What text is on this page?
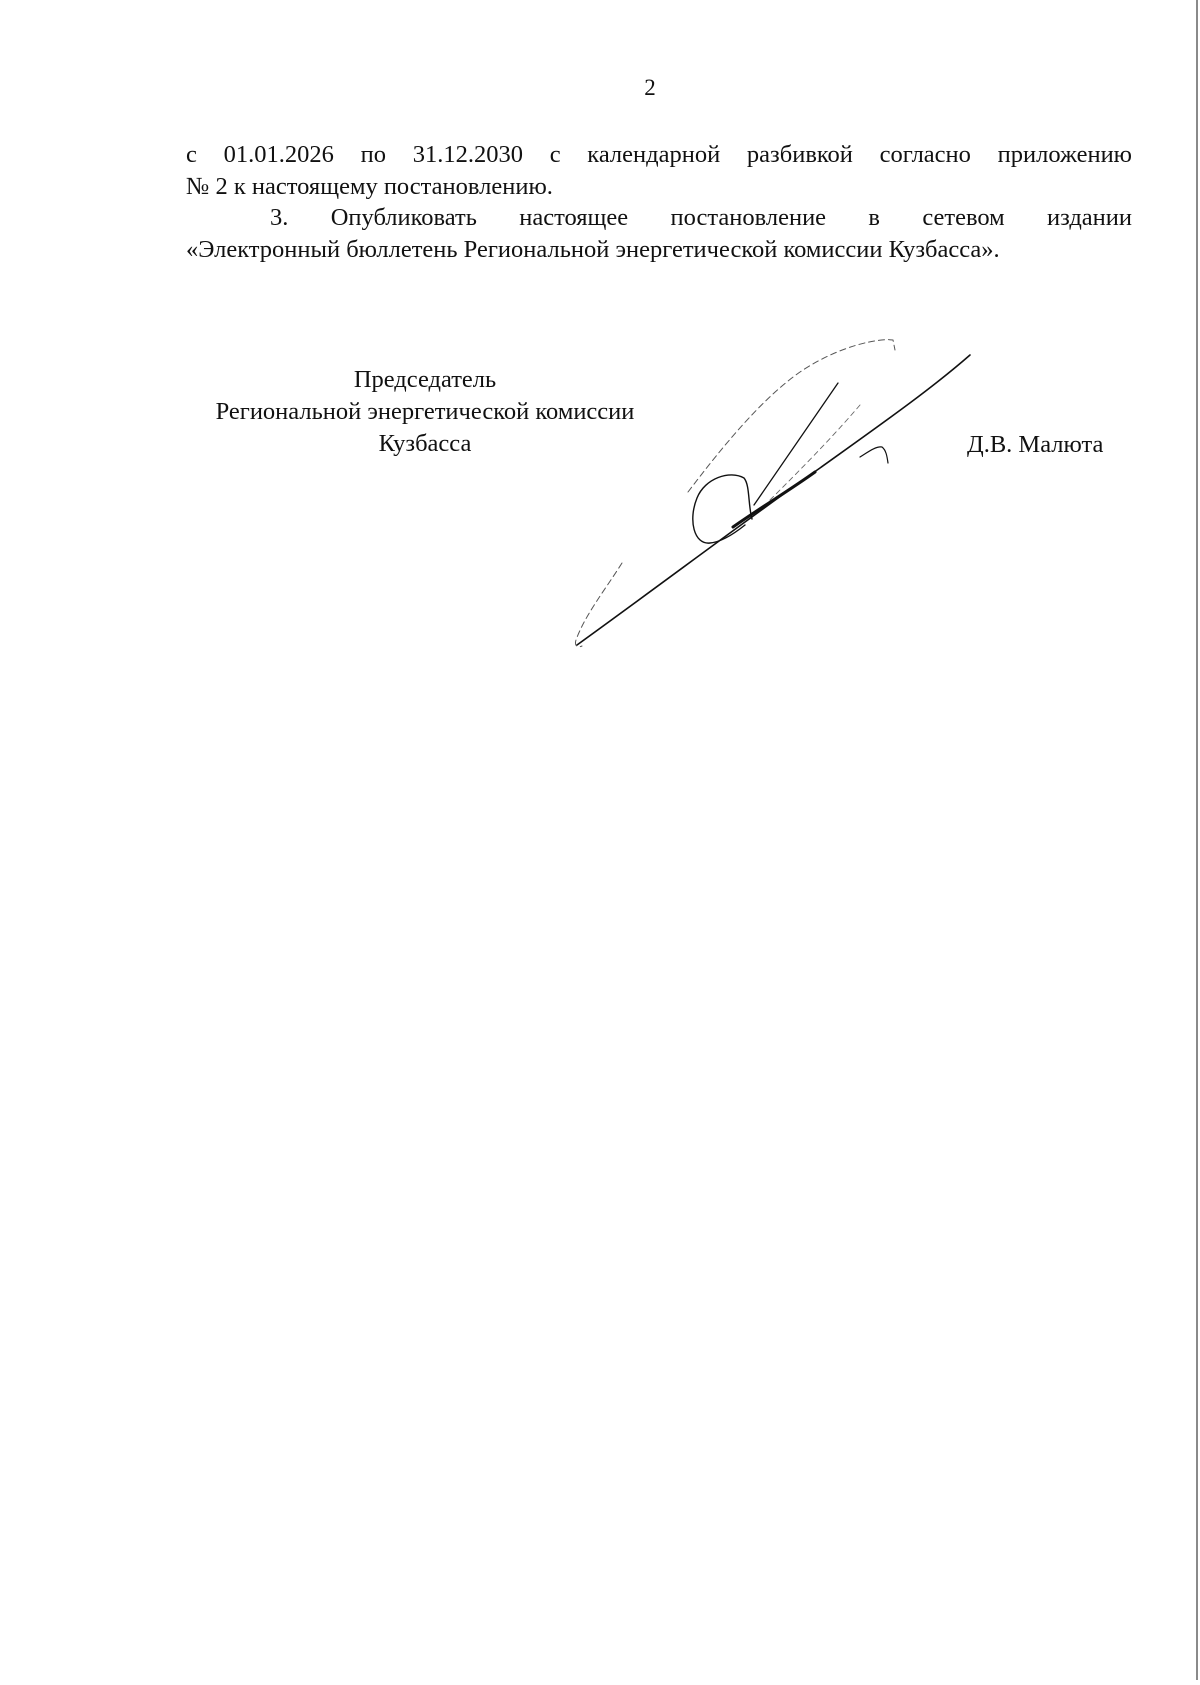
2

с 01.01.2026 по 31.12.2030 с календарной разбивкой согласно приложению

№ 2 к настоящему постановлению.

3. Опубликовать настоящее постановление в сетевом издании

«Электронный бюллетень Региональной энергетической комиссии Кузбасса».

Председатель
Региональной энергетической комиссии
Кузбасса	Д.В. Малюта
